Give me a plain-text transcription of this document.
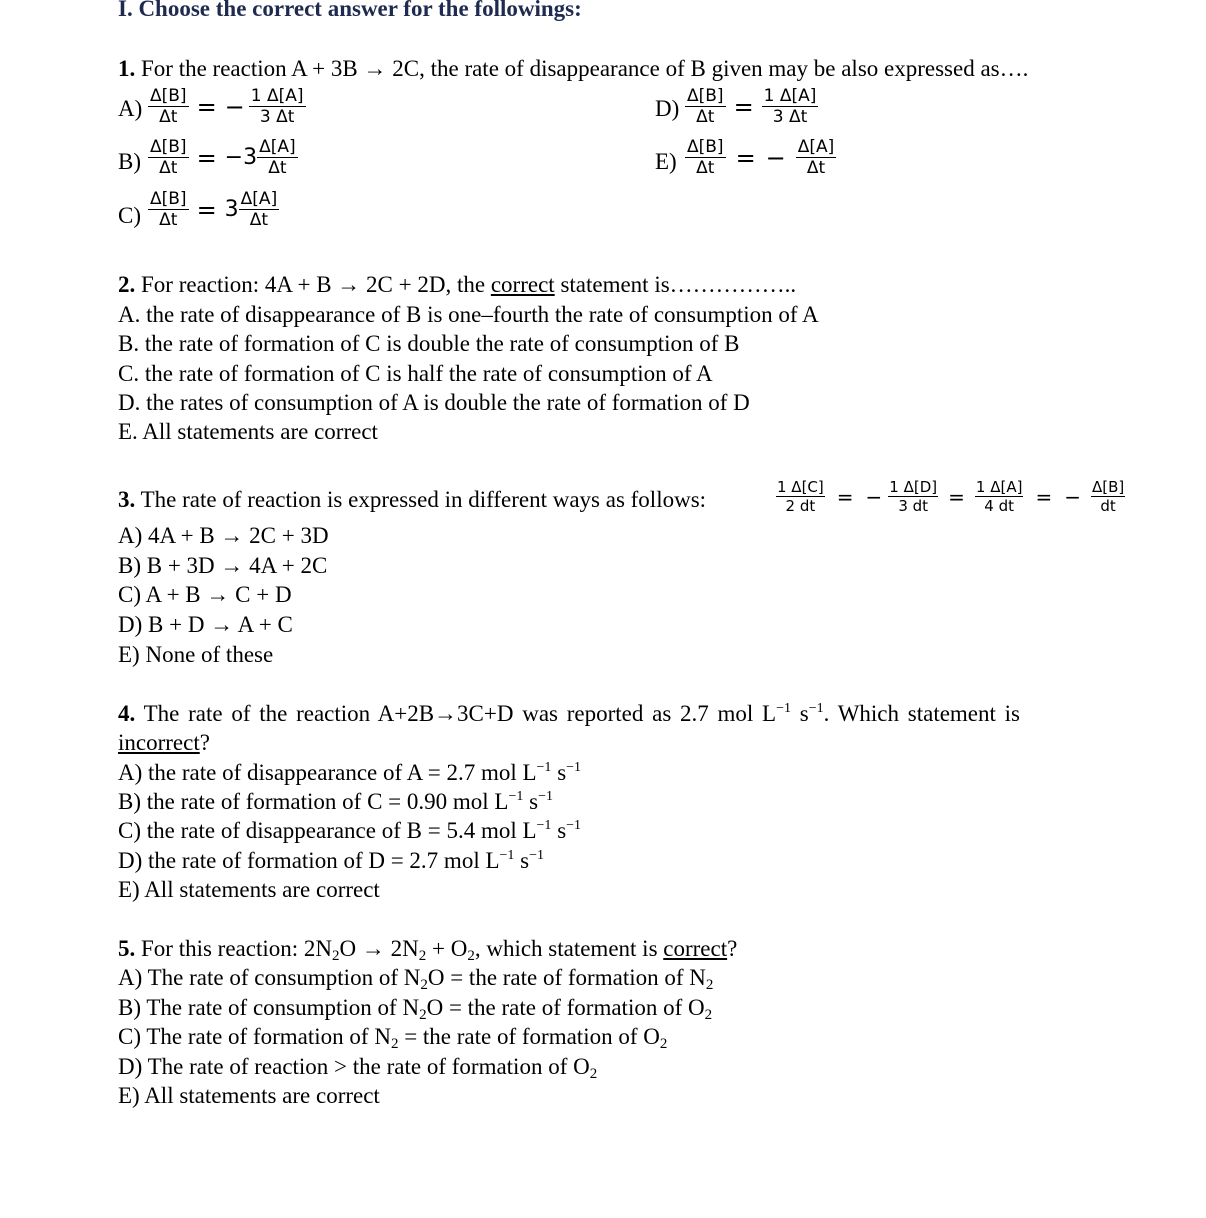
I. Choose the correct answer for the followings:
1. For the reaction A + 3B → 2C, the rate of disappearance of B given may be also expressed as….
$A) \frac{\Delta[B]}{\Delta t}$ = − $\frac{1 \Delta[A]}{3 \Delta t}$
$B) \frac{\Delta[B]}{\Delta t} = -3 \frac{\Delta[A]}{\Delta t}$
$C) \frac{\Delta[B]}{\Delta t} = 3 \frac{\Delta[A]}{\Delta t}$
$D) \frac{\Delta[B]}{\Delta t} = \frac{1 \Delta[A]}{3 \Delta t}$
$E) \frac{\Delta[B]}{\Delta t}$ = − $\frac{\Delta[A]}{\Delta t}$
2. For reaction: 4A + B → 2C + 2D, the correct statement is……………..
A. the rate of disappearance of B is one–fourth the rate of consumption of A
B. the rate of formation of C is double the rate of consumption of B
C. the rate of formation of C is half the rate of consumption of A
D. the rates of consumption of A is double the rate of formation of D
E. All statements are correct
3. The rate of reaction is expressed in different ways as follows:	$\frac{1 \Delta[C]}{2 dt}$ = − $\frac{1 \Delta[D]}{3 dt} = \frac{1 \Delta[A]}{4 dt}$ = − $\frac{\Delta[B]}{dt}$
A) 4A + B → 2C + 3D
B) B + 3D → 4A + 2C
C) A + B → C + D
D) B + D → A + C
E) None of these
4. The rate of the reaction A+2B→3C+D was reported as 2.7 mol $L^{-1}$ $s^{-1}$. Which statement is
incorrect?
A) the rate of disappearance of A = 2.7 mol $L^{-1}$ $s^{-1}$
B) the rate of formation of C = 0.90 mol $L^{-1}$ $s^{-1}$
C) the rate of disappearance of B = 5.4 mol $L^{-1}$ $s^{-1}$
D) the rate of formation of D = 2.7 mol $L^{-1}$ $s^{-1}$
E) All statements are correct
5. For this reaction: 2N2O → 2N2 + O2, which statement is correct?
A) The rate of consumption of N2O = the rate of formation of N2
B) The rate of consumption of N2O = the rate of formation of O2
C) The rate of formation of N2 = the rate of formation of O2
D) The rate of reaction > the rate of formation of O2
E) All statements are correct
